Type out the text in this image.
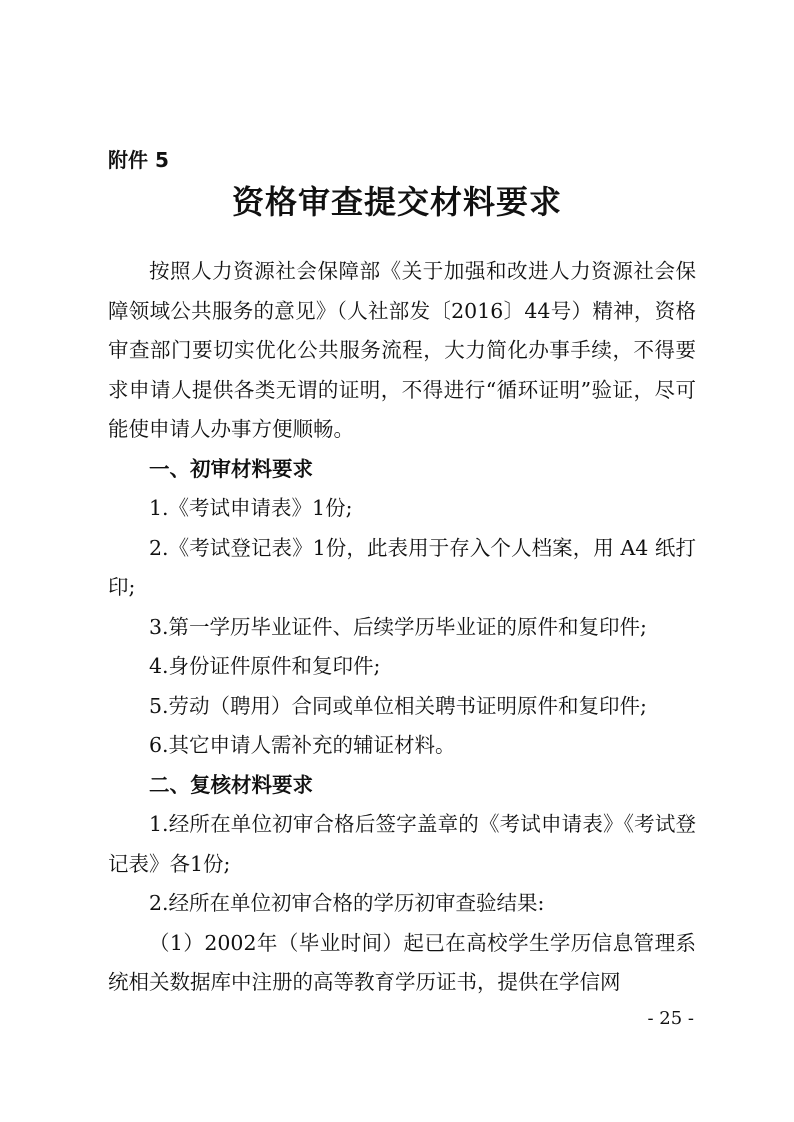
附件 5
资格审查提交材料要求

按照人力资源社会保障部《关于加强和改进人力资源社会保障领域公共服务的意见》（人社部发〔2016〕44号）精神，资格审查部门要切实优化公共服务流程，大力简化办事手续，不得要求申请人提供各类无谓的证明，不得进行“循环证明”验证，尽可能使申请人办事方便顺畅。

一、初审材料要求

1.《考试申请表》1份;

2.《考试登记表》1份，此表用于存入个人档案，用 A4 纸打印;

3.第一学历毕业证件、后续学历毕业证的原件和复印件;

4.身份证件原件和复印件;

5.劳动（聘用）合同或单位相关聘书证明原件和复印件;

6.其它申请人需补充的辅证材料。

二、复核材料要求

1.经所在单位初审合格后签字盖章的《考试申请表》《考试登记表》各1份;

2.经所在单位初审合格的学历初审查验结果:

（1）2002年（毕业时间）起已在高校学生学历信息管理系统相关数据库中注册的高等教育学历证书，提供在学信网

- 25 -
